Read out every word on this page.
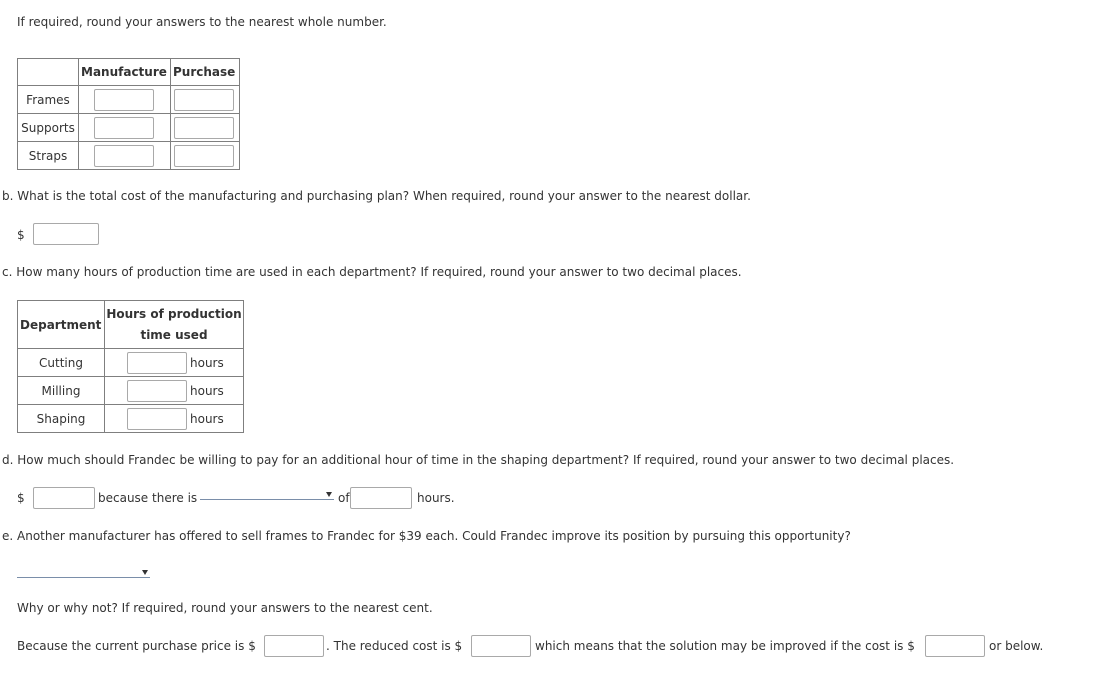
If required, round your answers to the nearest whole number.
	Manufacture	Purchase
Frames	

Supports	

Straps	

b. What is the total cost of the manufacturing and purchasing plan? When required, round your answer to the nearest dollar.
$
c. How many hours of production time are used in each department? If required, round your answer to two decimal places.
Department	Hours of production
time used

Cutting	hours
Milling	hours
Shaping	hours
d. How much should Frandec be willing to pay for an additional hour of time in the shaping department? If required, round your answer to two decimal places.
$	because there is	of	hours.
e. Another manufacturer has offered to sell frames to Frandec for $39 each. Could Frandec improve its position by pursuing this opportunity?
Why or why not? If required, round your answers to the nearest cent.
Because the current purchase price is $	. The reduced cost is $	which means that the solution may be improved if the cost is $	or below.
